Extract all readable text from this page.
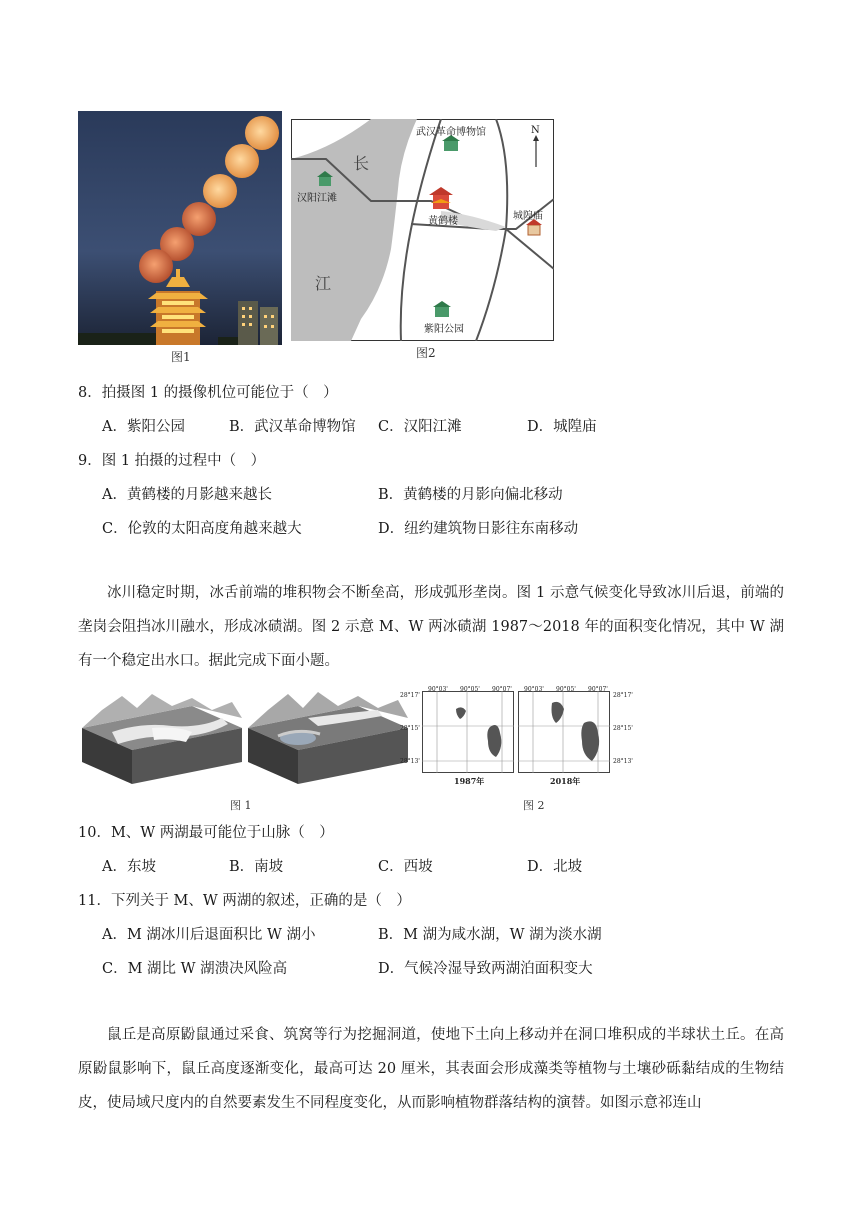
图1
武汉革命博物馆
汉阳江滩
黄鹤楼	城隍庙
紫阳公园
长
江
N
图2
8．拍摄图 1 的摄像机位可能位于（　）
A．紫阳公园	B．武汉革命博物馆 C．汉阳江滩	D．城隍庙
9．图 1 拍摄的过程中（　）
A．黄鹤楼的月影越来越长	B．黄鹤楼的月影向偏北移动
C．伦敦的太阳高度角越来越大	D．纽约建筑物日影往东南移动
冰川稳定时期，冰舌前端的堆积物会不断垒高，形成弧形垄岗。图 1 示意气候变化导致冰川后退，前端的垄岗会阻挡冰川融水，形成冰碛湖。图 2 示意 M、W 两冰碛湖 1987～2018 年的面积变化情况，其中 W 湖有一个稳定出水口。据此完成下面小题。
90°03' 90°05' 90°07' 90°03' 90°05' 90°07'
28°17'
28°15'
28°13'
28°17'
28°15'
28°13'
1987年	2018年
图 1	图 2
10．M、W 两湖最可能位于山脉（　）
A．东坡	B．南坡	C．西坡	D．北坡
11．下列关于 M、W 两湖的叙述，正确的是（　）
A．M 湖冰川后退面积比 W 湖小	B．M 湖为咸水湖，W 湖为淡水湖
C．M 湖比 W 湖溃决风险高	D．气候冷湿导致两湖泊面积变大
鼠丘是高原鼢鼠通过采食、筑窝等行为挖掘洞道，使地下土向上移动并在洞口堆积成的半球状土丘。在高原鼢鼠影响下，鼠丘高度逐渐变化，最高可达 20 厘米，其表面会形成藻类等植物与土壤砂砾黏结成的生物结皮，使局域尺度内的自然要素发生不同程度变化，从而影响植物群落结构的演替。如图示意祁连山
